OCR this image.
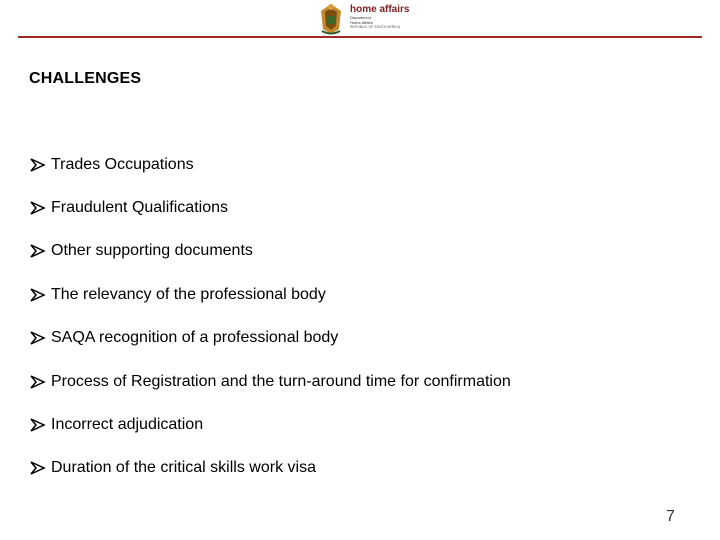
home affairs
Department
Home Affairs
REPUBLIC OF SOUTH AFRICA
CHALLENGES
Trades Occupations
Fraudulent Qualifications
Other supporting documents
The relevancy of the professional body
SAQA recognition of a professional body
Process of Registration and the turn-around time for confirmation
Incorrect adjudication
Duration of the critical skills work visa
7
